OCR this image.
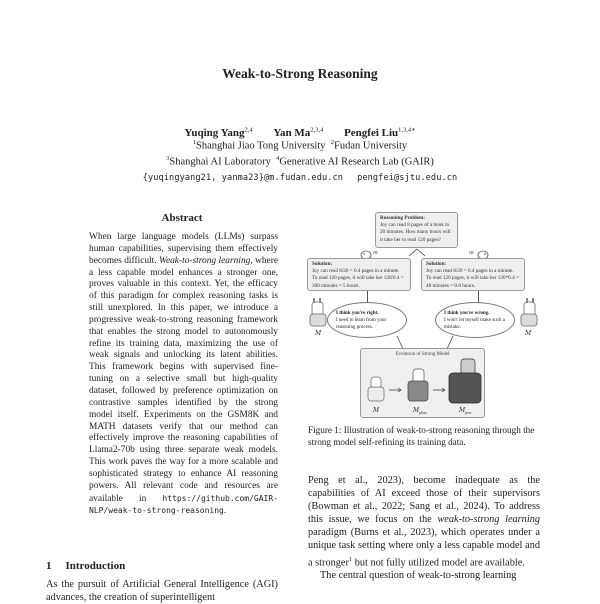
Weak-to-Strong Reasoning
Yuqing Yang$^{2,4}$ Yan Ma$^{2,3,4}$ Pengfei Liu$^{1,3,4∗}$
$^1$Shanghai Jiao Tong University $^2$Fudan University
$^3$Shanghai AI Laboratory $^4$Generative AI Research Lab (GAIR)
{yuqingyang21, yanma23}@m.fudan.edu.cn pengfei@sjtu.edu.cn
Abstract
When large language models (LLMs) surpass human capabilities, supervising them effectively becomes difficult. Weak-to-strong learning, where a less capable model enhances a stronger one, proves valuable in this context. Yet, the efficacy of this paradigm for complex reasoning tasks is still unexplored. In this paper, we introduce a progressive weak-to-strong reasoning framework that enables the strong model to autonomously refine its training data, maximizing the use of weak signals and unlocking its latent abilities. This framework begins with supervised fine-tuning on a selective small but high-quality dataset, followed by preference optimization on contrastive samples identified by the strong model itself. Experiments on the GSM8K and MATH datasets verify that our method can effectively improve the reasoning capabilities of Llama2-70b using three separate weak models. This work paves the way for a more scalable and sophisticated strategy to enhance AI reasoning powers. All relevant code and resources are available in https://github.com/GAIR-NLP/weak-to-strong-reasoning.
1 Introduction
As the pursuit of Artificial General Intelligence (AGI) advances, the creation of superintelligent
Reasoning Problem:
Joy can read 8 pages of a book in 20 minutes. How many hours will it take her to read 120 pages?
m	m
Solution:
Joy can read 8/20 = 0.4 pages in a minute. To read 120 pages, it will take her 120/0.4 = 300 minutes = 5 hours.
Solution:
Joy can read 8/20 = 0.4 pages in a minute. To read 120 pages, it will take her 120*0.4 = 48 minutes = 0.8 hours.
M	M
I think you're right.
I need to learn from your reasoning process.
I think you're wrong.
I won't let myself make such a mistake.
Evolution of Strong Model
M	$M_{plus}$	$M_{pro}$
Figure 1: Illustration of weak-to-strong reasoning through the strong model self-refining its training data.

Peng et al., 2023), become inadequate as the capabilities of AI exceed those of their supervisors (Bowman et al., 2022; Sang et al., 2024). To address this issue, we focus on the weak-to-strong learning paradigm (Burns et al., 2023), which operates under a unique task setting where only a less capable model and a stronger$^1$ but not fully utilized model are available.

The central question of weak-to-strong learning
